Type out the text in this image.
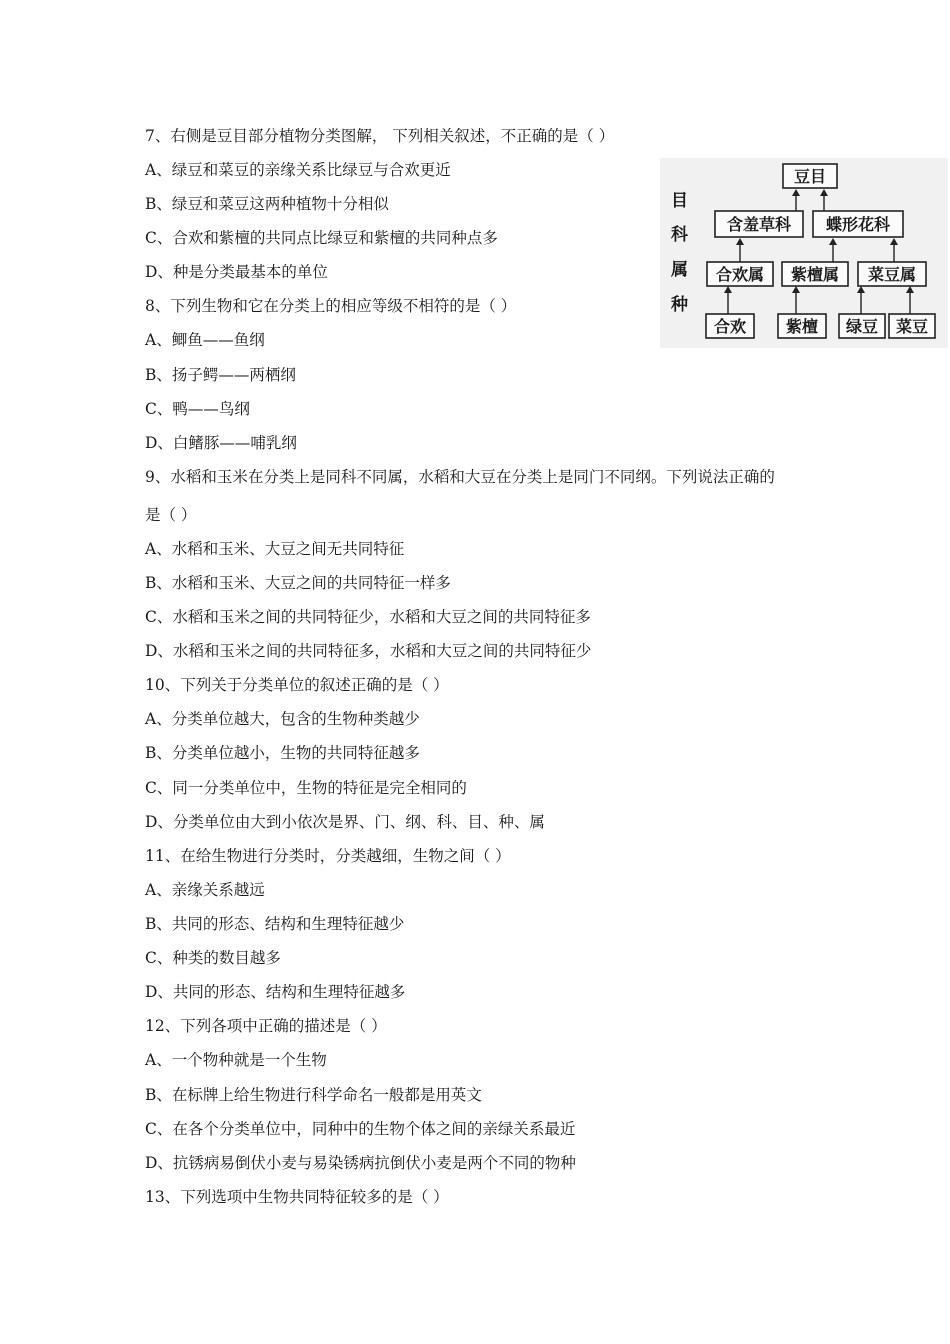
7、右侧是豆目部分植物分类图解， 下列相关叙述，不正确的是（ ）
A、绿豆和菜豆的亲缘关系比绿豆与合欢更近
B、绿豆和菜豆这两种植物十分相似
C、合欢和紫檀的共同点比绿豆和紫檀的共同种点多
D、种是分类最基本的单位
8、下列生物和它在分类上的相应等级不相符的是（ ）
A、鲫鱼——鱼纲
B、扬子鳄——两栖纲
C、鸭——鸟纲
D、白鳍豚——哺乳纲
9、水稻和玉米在分类上是同科不同属，水稻和大豆在分类上是同门不同纲。下列说法正确的
是（ ）
A、水稻和玉米、大豆之间无共同特征
B、水稻和玉米、大豆之间的共同特征一样多
C、水稻和玉米之间的共同特征少，水稻和大豆之间的共同特征多
D、水稻和玉米之间的共同特征多，水稻和大豆之间的共同特征少
10、下列关于分类单位的叙述正确的是（ ）
A、分类单位越大，包含的生物种类越少
B、分类单位越小，生物的共同特征越多
C、同一分类单位中，生物的特征是完全相同的
D、分类单位由大到小依次是界、门、纲、科、目、种、属
11、在给生物进行分类时，分类越细，生物之间（ ）
A、亲缘关系越远
B、共同的形态、结构和生理特征越少
C、种类的数目越多
D、共同的形态、结构和生理特征越多
12、下列各项中正确的描述是（ ）
A、一个物种就是一个生物
B、在标牌上给生物进行科学命名一般都是用英文
C、在各个分类单位中，同种中的生物个体之间的亲绿关系最近
D、抗锈病易倒伏小麦与易染锈病抗倒伏小麦是两个不同的物种
13、下列选项中生物共同特征较多的是（ ）
目
科
属
种
豆目
含羞草科 蝶形花科
合欢属 紫檀属 菜豆属
合欢 紫檀 绿豆 菜豆
